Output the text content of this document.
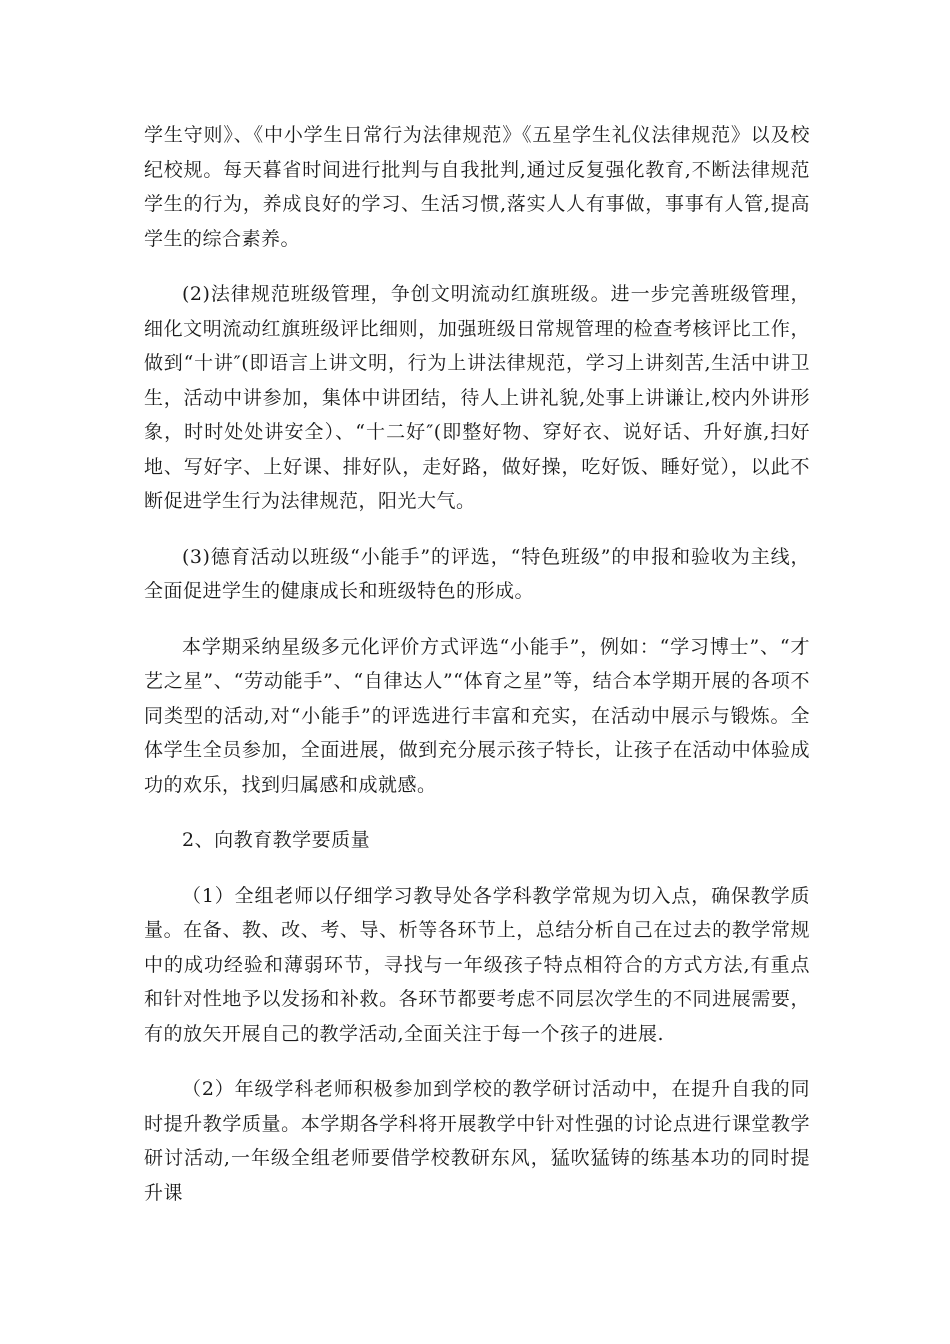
学生守则》、《中小学生日常行为法律规范》《五星学生礼仪法律规范》以及校纪校规。每天暮省时间进行批判与自我批判,通过反复强化教育,不断法律规范学生的行为，养成良好的学习、生活习惯,落实人人有事做，事事有人管,提高学生的综合素养。

(2)法律规范班级管理，争创文明流动红旗班级。进一步完善班级管理，细化文明流动红旗班级评比细则，加强班级日常规管理的检查考核评比工作，做到“十讲″(即语言上讲文明，行为上讲法律规范，学习上讲刻苦,生活中讲卫生，活动中讲参加，集体中讲团结，待人上讲礼貌,处事上讲谦让,校内外讲形象，时时处处讲安全）、“十二好″(即整好物、穿好衣、说好话、升好旗,扫好地、写好字、上好课、排好队，走好路，做好操，吃好饭、睡好觉），以此不断促进学生行为法律规范，阳光大气。

(3)德育活动以班级“小能手”的评选，“特色班级”的申报和验收为主线，全面促进学生的健康成长和班级特色的形成。

本学期采纳星级多元化评价方式评选“小能手”，例如：“学习博士”、“才艺之星”、“劳动能手”、“自律达人”“体育之星”等，结合本学期开展的各项不同类型的活动,对“小能手”的评选进行丰富和充实，在活动中展示与锻炼。全体学生全员参加，全面进展，做到充分展示孩子特长，让孩子在活动中体验成功的欢乐，找到归属感和成就感。

2、向教育教学要质量

（1）全组老师以仔细学习教导处各学科教学常规为切入点，确保教学质量。在备、教、改、考、导、析等各环节上，总结分析自己在过去的教学常规中的成功经验和薄弱环节，寻找与一年级孩子特点相符合的方式方法,有重点和针对性地予以发扬和补救。各环节都要考虑不同层次学生的不同进展需要，有的放矢开展自己的教学活动,全面关注于每一个孩子的进展.

（2）年级学科老师积极参加到学校的教学研讨活动中，在提升自我的同时提升教学质量。本学期各学科将开展教学中针对性强的讨论点进行课堂教学研讨活动,一年级全组老师要借学校教研东风，猛吹猛铸的练基本功的同时提升课
